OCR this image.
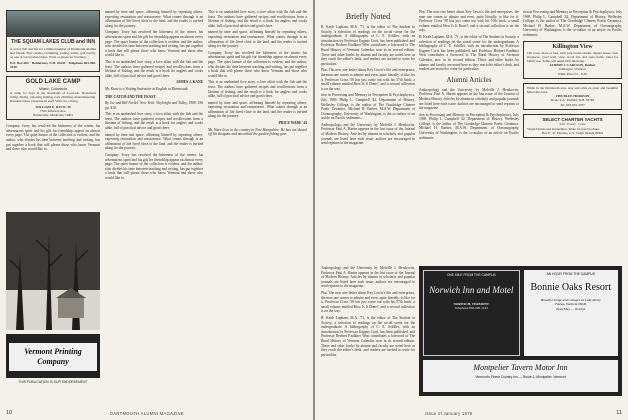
THE SQUAM LAKES CLUB and INN
A social club and Inn for a limited number of Dartmouth Alumni and friends. Fine cuisine, swimming, sailing, tennis, golf nearby, on one of our loveliest lakes. Write or phone for brochure.
P.O. Box 684 · Holderness, N.H. 03245 · Telephone 603-968-3348
GOLD LAKE CAMP
Ward, Colorado
A camp for boys in the mountains of Colorado. Horseback riding, hiking, canoeing, fishing, rock climbing, mountaineering. Resident nurse, experienced staff. Write for catalog.
WILLIAM E. DAVIS '46
7500 Jefferson Ave.
Bartlesville, Oklahoma 74003
Company. Ivory has resolved the bitterness of the winter, his adventurous spirit and his gift for friendship appear on almost every page. The quiet humor of the collection is evident, and the author, who divides his time between teaching and writing, has put together a book that will please those who know Vermont and those who would like to.
Vermont Printing Company
THIS PUBLICATION IS OUR ENDORSEMENT

named by time and space, affirming himself by repeating others, expecting restoration and reassurance. What comes through is an affirmation of life lived close to the land, and the reader is invited along for the journey.

Company. Ivory has resolved the bitterness of the winter, his adventurous spirit and his gift for friendship appear on almost every page. The quiet humor of the collection is evident, and the author, who divides his time between teaching and writing, has put together a book that will please those who know Vermont and those who would like to.

This is an unabashed love story, a love affair with the fish and the feast. The authors have gathered recipes and recollections from a lifetime of fishing, and the result is a book for anglers and cooks alike, full of practical advice and good cheer.

JAMES J. KANE

Mr. Kane is a Visiting Instructor in English at Dartmouth.

THE CATCH AND THE FEAST

By Joe and Bill Neckel. New York: Weybright and Talley, 1969. 196 pp. $10.

This is an unabashed love story, a love affair with the fish and the feast. The authors have gathered recipes and recollections from a lifetime of fishing, and the result is a book for anglers and cooks alike, full of practical advice and good cheer.

named by time and space, affirming himself by repeating others, expecting restoration and reassurance. What comes through is an affirmation of life lived close to the land, and the reader is invited along for the journey.

Company. Ivory has resolved the bitterness of the winter, his adventurous spirit and his gift for friendship appear on almost every page. The quiet humor of the collection is evident, and the author, who divides his time between teaching and writing, has put together a book that will please those who know Vermont and those who would like to.

This is an unabashed love story, a love affair with the fish and the feast. The authors have gathered recipes and recollections from a lifetime of fishing, and the result is a book for anglers and cooks alike, full of practical advice and good cheer.

named by time and space, affirming himself by repeating others, expecting restoration and reassurance. What comes through is an affirmation of life lived close to the land, and the reader is invited along for the journey.

Company. Ivory has resolved the bitterness of the winter, his adventurous spirit and his gift for friendship appear on almost every page. The quiet humor of the collection is evident, and the author, who divides his time between teaching and writing, has put together a book that will please those who know Vermont and those who would like to.

This is an unabashed love story, a love affair with the fish and the feast. The authors have gathered recipes and recollections from a lifetime of fishing, and the result is a book for anglers and cooks alike, full of practical advice and good cheer.

named by time and space, affirming himself by repeating others, expecting restoration and reassurance. What comes through is an affirmation of life lived close to the land, and the reader is invited along for the journey.

PRICE WARE '44

Mr. Ware lives in the country in New Hampshire. He has not dusted off his shotguns and unearthed the garden fishing gear.

10	DARTMOUTH ALUMNI MAGAZINE
Briefly Noted

B. Keith Lapham, M.A. '71, is the editor of The Student in Society, a selection of readings on the social scene for the undergraduate. A bibliography of C. E. Schiller, with an introduction by Professor Eugene Cord, has been published, and Professor Herbert Faulkner West contributes a foreword to The Rural History of Vermont Calendar, now in its second edition. These and other books by alumni and faculty are noted here as they reach the editor's desk, and readers are invited to write for particulars.

Plat. The new one better about Key Lewis's life and enterprises, the man one comes to admire and even, quite literally, to like for it. Professor Cross '58 has just come out with his 57th book, a small volume entitled How Is It Done?, and a second collection is on the way.

tion in Processing and Memory in Perception & Psychophysics, July 1969. Philip L. Campbell '42, Department of History, Wellesley College, is the author of The Goodridge Chinese Poetic Ceramics. Michael H. Barber, M.A.W. Department of Oceanography, University of Washington, is the co-author of an article on Pacific sediments.

Anthropology and the University by Melville J. Herskovits. Professor Paul A. Hartin appears in the last issue of the Journal of Modern History. Articles by alumni in scholarly and popular journals are listed here each issue; authors are encouraged to send reprints to the magazine.

Plat. The new one better about Key Lewis's life and enterprises, the man one comes to admire and even, quite literally, to like for it. Professor Cross '58 has just come out with his 57th book, a small volume entitled How Is It Done?, and a second collection is on the way.

B. Keith Lapham, M.A. '71, is the editor of The Student in Society, a selection of readings on the social scene for the undergraduate. A bibliography of C. E. Schiller, with an introduction by Professor Eugene Cord, has been published, and Professor Herbert Faulkner West contributes a foreword to The Rural History of Vermont Calendar, now in its second edition. These and other books by alumni and faculty are noted here as they reach the editor's desk, and readers are invited to write for particulars.

Alumni Articles

Anthropology and the University by Melville J. Herskovits. Professor Paul A. Hartin appears in the last issue of the Journal of Modern History. Articles by alumni in scholarly and popular journals are listed here each issue; authors are encouraged to send reprints to the magazine.

tion in Processing and Memory in Perception & Psychophysics, July 1969. Philip L. Campbell '42, Department of History, Wellesley College, is the author of The Goodridge Chinese Poetic Ceramics. Michael H. Barber, M.A.W. Department of Oceanography, University of Washington, is the co-author of an article on Pacific sediments.

tion in Processing and Memory in Perception & Psychophysics, July 1969. Philip L. Campbell '42, Department of History, Wellesley College, is the author of The Goodridge Chinese Poetic Ceramics. Michael H. Barber, M.A.W. Department of Oceanography, University of Washington, is the co-author of an article on Pacific sediments.

Killington View
120 acres, more or less, with year-round stream, duplex house, four fireplaces, good well, view, wood lots and open fields. Ideal for family use. Seller will assist with financing.
ALBERT J. CARLSON, Realtor
Killington, Vermont
White River Jct., N.H.
While in the Dartmouth area, stay and relax on quiet and beautiful Mascoma Lake.
THE BLUE HORIZON
Route 4-A · Enfield, N.H. 03748
Tel. 603-632-4787
SELECT CHARTER YACHTS
Sail · Power · Crew
Virgin Islands and Grenadines. Write for free brochure.
Box 8 · St. Thomas, U.S. Virgin Islands 00801
ONE MILE FROM THE CAMPUS
Norwich Inn and Motel
NORWICH, VERMONT
Telephone 802-649-1143
AN HOUR FROM THE CAMPUS
Bonnie Oaks Resort
Beautiful Lodge and Cottages on Lake Morey
Fairlee, Vermont 05045
Open May — October
Montpelier Tavern Motor Inn
Vermont's Finest Country Inn — Route 2, Montpelier, Vermont

Anthropology and the University by Melville J. Herskovits. Professor Paul A. Hartin appears in the last issue of the Journal of Modern History. Articles by alumni in scholarly and popular journals are listed here each issue; authors are encouraged to send reprints to the magazine.

Plat. The new one better about Key Lewis's life and enterprises, the man one comes to admire and even, quite literally, to like for it. Professor Cross '58 has just come out with his 57th book, a small volume entitled How Is It Done?, and a second collection is on the way.

B. Keith Lapham, M.A. '71, is the editor of The Student in Society, a selection of readings on the social scene for the undergraduate. A bibliography of C. E. Schiller, with an introduction by Professor Eugene Cord, has been published, and Professor Herbert Faulkner West contributes a foreword to The Rural History of Vermont Calendar, now in its second edition. These and other books by alumni and faculty are noted here as they reach the editor's desk, and readers are invited to write for particulars.

Issue of January 1970	11
